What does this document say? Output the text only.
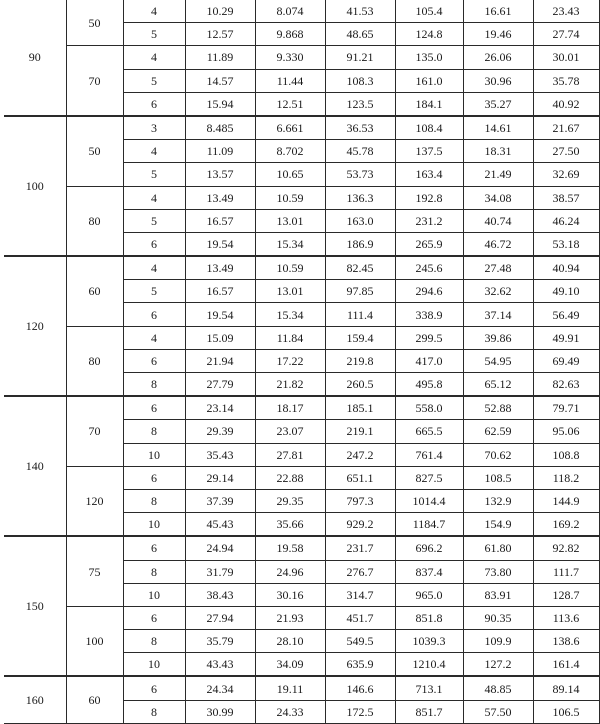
90	50	4	10.29	8.074	41.53	105.4	16.61	23.43
		5	12.57	9.868	48.65	124.8	19.46	27.74
	70	4	11.89	9.330	91.21	135.0	26.06	30.01
		5	14.57	11.44	108.3	161.0	30.96	35.78
		6	15.94	12.51	123.5	184.1	35.27	40.92
100	50	3	8.485	6.661	36.53	108.4	14.61	21.67
		4	11.09	8.702	45.78	137.5	18.31	27.50
		5	13.57	10.65	53.73	163.4	21.49	32.69
	80	4	13.49	10.59	136.3	192.8	34.08	38.57
		5	16.57	13.01	163.0	231.2	40.74	46.24
		6	19.54	15.34	186.9	265.9	46.72	53.18
120	60	4	13.49	10.59	82.45	245.6	27.48	40.94
		5	16.57	13.01	97.85	294.6	32.62	49.10
		6	19.54	15.34	111.4	338.9	37.14	56.49
	80	4	15.09	11.84	159.4	299.5	39.86	49.91
		6	21.94	17.22	219.8	417.0	54.95	69.49
		8	27.79	21.82	260.5	495.8	65.12	82.63
140	70	6	23.14	18.17	185.1	558.0	52.88	79.71
		8	29.39	23.07	219.1	665.5	62.59	95.06
		10	35.43	27.81	247.2	761.4	70.62	108.8
	120	6	29.14	22.88	651.1	827.5	108.5	118.2
		8	37.39	29.35	797.3	1014.4	132.9	144.9
		10	45.43	35.66	929.2	1184.7	154.9	169.2
150	75	6	24.94	19.58	231.7	696.2	61.80	92.82
		8	31.79	24.96	276.7	837.4	73.80	111.7
		10	38.43	30.16	314.7	965.0	83.91	128.7
	100	6	27.94	21.93	451.7	851.8	90.35	113.6
		8	35.79	28.10	549.5	1039.3	109.9	138.6
		10	43.43	34.09	635.9	1210.4	127.2	161.4
160	60	6	24.34	19.11	146.6	713.1	48.85	89.14
		8	30.99	24.33	172.5	851.7	57.50	106.5
